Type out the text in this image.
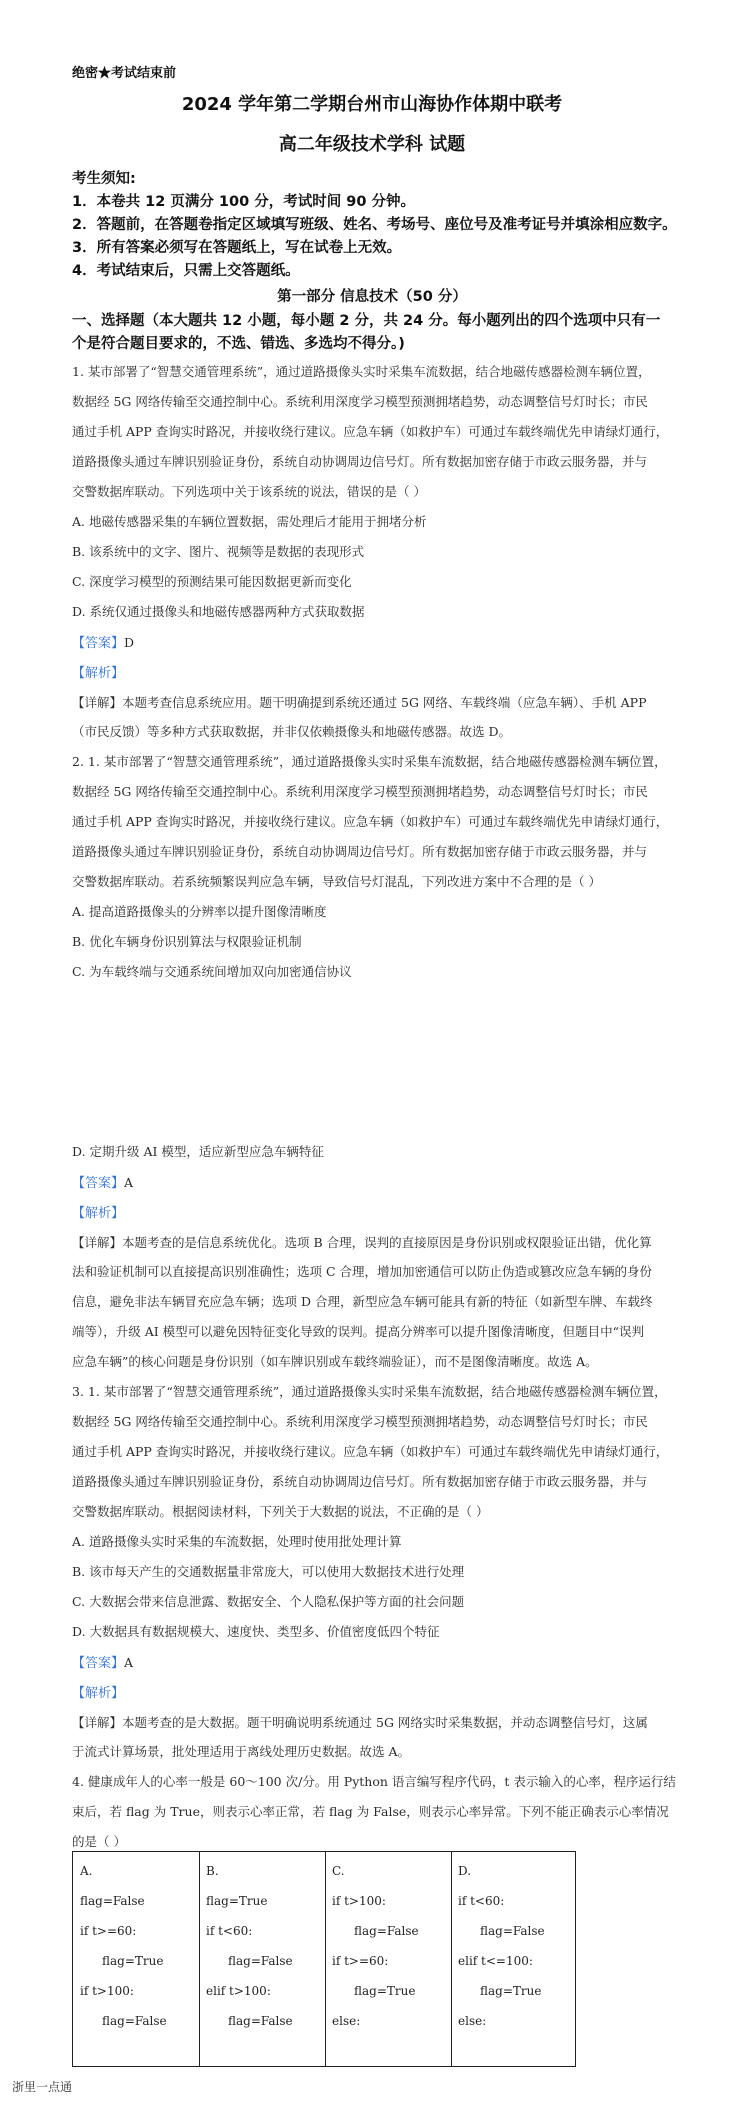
绝密★考试结束前
2024 学年第二学期台州市山海协作体期中联考
高二年级技术学科 试题
考生须知:
1．本卷共 12 页满分 100 分，考试时间 90 分钟。
2．答题前，在答题卷指定区域填写班级、姓名、考场号、座位号及准考证号并填涂相应数字。
3．所有答案必须写在答题纸上，写在试卷上无效。
4．考试结束后，只需上交答题纸。
第一部分 信息技术（50 分）
一、选择题（本大题共 12 小题，每小题 2 分，共 24 分。每小题列出的四个选项中只有一
个是符合题目要求的，不选、错选、多选均不得分。)
1. 某市部署了“智慧交通管理系统”，通过道路摄像头实时采集车流数据，结合地磁传感器检测车辆位置，
数据经 5G 网络传输至交通控制中心。系统利用深度学习模型预测拥堵趋势，动态调整信号灯时长；市民
通过手机 APP 查询实时路况，并接收绕行建议。应急车辆（如救护车）可通过车载终端优先申请绿灯通行，
道路摄像头通过车牌识别验证身份，系统自动协调周边信号灯。所有数据加密存储于市政云服务器，并与
交警数据库联动。下列选项中关于该系统的说法，错误的是（ ）
A. 地磁传感器采集的车辆位置数据，需处理后才能用于拥堵分析
B. 该系统中的文字、图片、视频等是数据的表现形式
C. 深度学习模型的预测结果可能因数据更新而变化
D. 系统仅通过摄像头和地磁传感器两种方式获取数据
【答案】D
【解析】
【详解】本题考查信息系统应用。题干明确提到系统还通过 5G 网络、车载终端（应急车辆）、手机 APP
（市民反馈）等多种方式获取数据，并非仅依赖摄像头和地磁传感器。故选 D。
2. 1. 某市部署了“智慧交通管理系统”，通过道路摄像头实时采集车流数据，结合地磁传感器检测车辆位置，
数据经 5G 网络传输至交通控制中心。系统利用深度学习模型预测拥堵趋势，动态调整信号灯时长；市民
通过手机 APP 查询实时路况，并接收绕行建议。应急车辆（如救护车）可通过车载终端优先申请绿灯通行，
道路摄像头通过车牌识别验证身份，系统自动协调周边信号灯。所有数据加密存储于市政云服务器，并与
交警数据库联动。若系统频繁误判应急车辆，导致信号灯混乱，下列改进方案中不合理的是（ ）
A. 提高道路摄像头的分辨率以提升图像清晰度
B. 优化车辆身份识别算法与权限验证机制
C. 为车载终端与交通系统间增加双向加密通信协议
D. 定期升级 AI 模型，适应新型应急车辆特征
【答案】A
【解析】
【详解】本题考查的是信息系统优化。选项 B 合理，误判的直接原因是身份识别或权限验证出错，优化算
法和验证机制可以直接提高识别准确性；选项 C 合理，增加加密通信可以防止伪造或篡改应急车辆的身份
信息，避免非法车辆冒充应急车辆；选项 D 合理，新型应急车辆可能具有新的特征（如新型车牌、车载终
端等），升级 AI 模型可以避免因特征变化导致的误判。提高分辨率可以提升图像清晰度，但题目中“误判
应急车辆”的核心问题是身份识别（如车牌识别或车载终端验证），而不是图像清晰度。故选 A。
3. 1. 某市部署了“智慧交通管理系统”，通过道路摄像头实时采集车流数据，结合地磁传感器检测车辆位置，
数据经 5G 网络传输至交通控制中心。系统利用深度学习模型预测拥堵趋势，动态调整信号灯时长；市民
通过手机 APP 查询实时路况，并接收绕行建议。应急车辆（如救护车）可通过车载终端优先申请绿灯通行，
道路摄像头通过车牌识别验证身份，系统自动协调周边信号灯。所有数据加密存储于市政云服务器，并与
交警数据库联动。根据阅读材料，下列关于大数据的说法，不正确的是（ ）
A. 道路摄像头实时采集的车流数据，处理时使用批处理计算
B. 该市每天产生的交通数据量非常庞大，可以使用大数据技术进行处理
C. 大数据会带来信息泄露、数据安全、个人隐私保护等方面的社会问题
D. 大数据具有数据规模大、速度快、类型多、价值密度低四个特征
【答案】A
【解析】
【详解】本题考查的是大数据。题干明确说明系统通过 5G 网络实时采集数据，并动态调整信号灯，这属
于流式计算场景，批处理适用于离线处理历史数据。故选 A。
4. 健康成年人的心率一般是 60～100 次/分。用 Python 语言编写程序代码，t 表示输入的心率，程序运行结
束后，若 flag 为 True，则表示心率正常，若 flag 为 False，则表示心率异常。下列不能正确表示心率情况
的是（ ）
A.
flag=False
if t>=60:
flag=True
if t>100:
flag=False
B.
flag=True
if t<60:
flag=False
elif t>100:
flag=False
C.
if t>100:
flag=False
if t>=60:
flag=True
else:
D.
if t<60:
flag=False
elif t<=100:
flag=True
else:
浙里一点通
